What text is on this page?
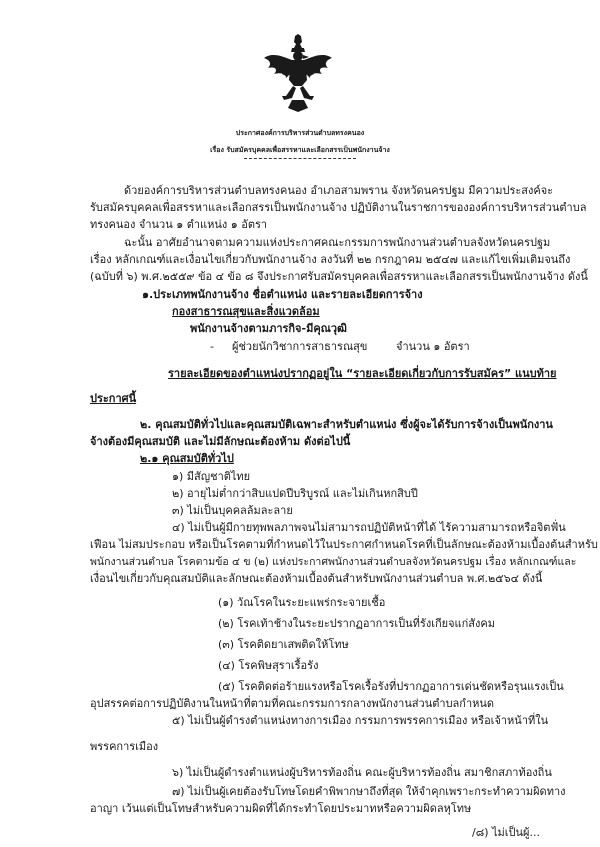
ประกาศองค์การบริหารส่วนตำบลทรงคนอง
เรื่อง รับสมัครบุคคลเพื่อสรรหาและเลือกสรรเป็นพนักงานจ้าง
ด้วยองค์การบริหารส่วนตำบลทรงคนอง อำเภอสามพราน จังหวัดนครปฐม มีความประสงค์จะ
รับสมัครบุคคลเพื่อสรรหาและเลือกสรรเป็นพนักงานจ้าง ปฏิบัติงานในราชการขององค์การบริหารส่วนตำบล
ทรงคนอง จำนวน ๑ ตำแหน่ง ๑ อัตรา
ฉะนั้น อาศัยอำนาจตามความแห่งประกาศคณะกรรมการพนักงานส่วนตำบลจังหวัดนครปฐม
เรื่อง หลักเกณฑ์และเงื่อนไขเกี่ยวกับพนักงานจ้าง ลงวันที่ ๒๒ กรกฎาคม ๒๕๔๗ และแก้ไขเพิ่มเติมจนถึง
(ฉบับที่ ๖) พ.ศ.๒๕๕๙ ข้อ ๔ ข้อ ๘ จึงประกาศรับสมัครบุคคลเพื่อสรรหาและเลือกสรรเป็นพนักงานจ้าง ดังนี้
๑.ประเภทพนักงานจ้าง ชื่อตำแหน่ง และรายละเอียดการจ้าง
กองสาธารณสุขและสิ่งแวดล้อม
พนักงานจ้างตามภารกิจ-มีคุณวุฒิ
- ผู้ช่วยนักวิชาการสาธารณสุข	จำนวน ๑ อัตรา
รายละเอียดของตำแหน่งปรากฏอยู่ใน “รายละเอียดเกี่ยวกับการรับสมัคร” แนบท้าย
ประกาศนี้
๒. คุณสมบัติทั่วไปและคุณสมบัติเฉพาะสำหรับตำแหน่ง ซึ่งผู้จะได้รับการจ้างเป็นพนักงาน
จ้างต้องมีคุณสมบัติ และไม่มีลักษณะต้องห้าม ดังต่อไปนี้
๒.๑ คุณสมบัติทั่วไป
๑) มีสัญชาติไทย
๒) อายุไม่ต่ำกว่าสิบแปดปีบริบูรณ์ และไม่เกินหกสิบปี
๓) ไม่เป็นบุคคลล้มละลาย
๔) ไม่เป็นผู้มีกายทุพพลภาพจนไม่สามารถปฏิบัติหน้าที่ได้ ไร้ความสามารถหรือจิตฟั่น
เฟือน ไม่สมประกอบ หรือเป็นโรคตามที่กำหนดไว้ในประกาศกำหนดโรคที่เป็นลักษณะต้องห้ามเบื้องต้นสำหรับ
พนักงานส่วนตำบล โรคตามข้อ ๔ ข (๒) แห่งประกาศพนักงานส่วนตำบลจังหวัดนครปฐม เรื่อง หลักเกณฑ์และ
เงื่อนไขเกี่ยวกับคุณสมบัติและลักษณะต้องห้ามเบื้องต้นสำหรับพนักงานส่วนตำบล พ.ศ.๒๕๖๔ ดังนี้
(๑) วัณโรคในระยะแพร่กระจายเชื้อ
(๒) โรคเท้าช้างในระยะปรากฏอาการเป็นที่รังเกียจแก่สังคม
(๓) โรคติดยาเสพติดให้โทษ
(๔) โรคพิษสุราเรื้อรัง
(๕) โรคติดต่อร้ายแรงหรือโรคเรื้อรังที่ปรากฏอาการเด่นชัดหรือรุนแรงเป็น
อุปสรรคต่อการปฏิบัติงานในหน้าที่ตามที่คณะกรรมการกลางพนักงานส่วนตำบลกำหนด
๕) ไม่เป็นผู้ดำรงตำแหน่งทางการเมือง กรรมการพรรคการเมือง หรือเจ้าหน้าที่ใน
พรรคการเมือง
๖) ไม่เป็นผู้ดำรงตำแหน่งผู้บริหารท้องถิ่น คณะผู้บริหารท้องถิ่น สมาชิกสภาท้องถิ่น
๗) ไม่เป็นผู้เคยต้องรับโทษโดยคำพิพากษาถึงที่สุด ให้จำคุกเพราะกระทำความผิดทาง
อาญา เว้นแต่เป็นโทษสำหรับความผิดที่ได้กระทำโดยประมาทหรือความผิดลหุโทษ
/๘) ไม่เป็นผู้...
